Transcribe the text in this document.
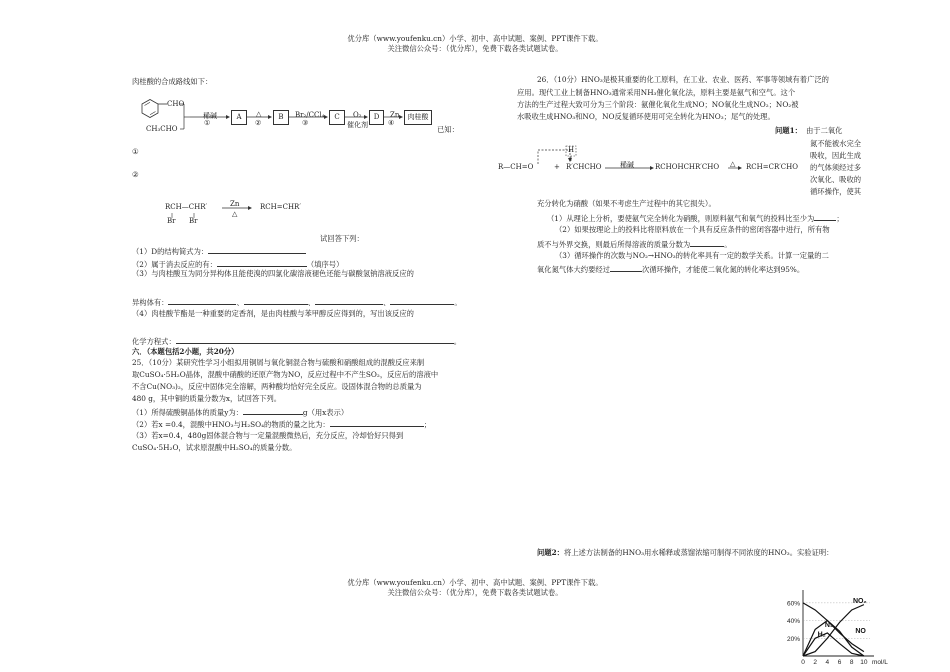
优分库（www.youfenku.cn）小学、初中、高中试题、案例、PPT课件下载。
关注微信公众号：（优分库），免费下载各类试题试卷。
优分库（www.youfenku.cn）小学、初中、高中试题、案例、PPT课件下载。
关注微信公众号：（优分库），免费下载各类试题试卷。
肉桂酸的合成路线如下：
CHO
CH₃CHO
稀碱
①
A	△
②
B	Br₂/CCl₄
③
C	O₂
催化剂
D	Zn
④
肉桂酸
已知：
①
②
RCH—CHR′
Br Br
Zn
△
RCH=CHR′
试回答下列：
（1）D的结构简式为：
（2）属于消去反应的有：	（填序号）
（3）与肉桂酸互为同分异构体且能使溴的四氯化碳溶液褪色还能与碳酸氢钠溶液反应的
异构体有：	、	、	、	。
（4）肉桂酸苄酯是一种重要的定香剂，是由肉桂酸与苯甲醇反应得到的，写出该反应的
化学方程式：	。
六．（本题包括2小题，共20分）
25．（10分）某研究性学习小组拟用铜屑与氧化铜混合物与硫酸和硝酸组成的混酸反应来制
取CuSO₄·5H₂O晶体，混酸中硝酸的还原产物为NO，反应过程中不产生SO₂，反应后的溶液中
不含Cu(NO₃)₂，反应中固体完全溶解，两种酸均恰好完全反应。设固体混合物的总质量为
480 g，其中铜的质量分数为x，试回答下列。
（1）所得硫酸铜晶体的质量y为：	g（用x表示）
（2）若x =0.4，混酸中HNO₃与H₂SO₄的物质的量之比为：	；
（3）若x=0.4，480g固体混合物与一定量混酸微热后，充分反应，冷却恰好只得到
CuSO₄·5H₂O，试求原混酸中H₂SO₄的质量分数。
26．（10分）HNO₃是极其重要的化工原料，在工业、农业、医药、军事等领域有着广泛的
应用。现代工业上制备HNO₃通常采用NH₃催化氧化法，原料主要是氨气和空气。这个
方法的生产过程大致可分为三个阶段：氨催化氧化生成NO；NO氧化生成NO₂；NO₂被
水吸收生成HNO₃和NO，NO反复循环使用可完全转化为HNO₃；尾气的处理。
问题1： 由于二氧化
氮不能被水完全
吸收，因此生成
的气体须经过多
次氧化、吸收的
循环操作，使其
R—CH=O	+
H
R′CHCHO	稀碱	RCHOHCHR′CHO △ RCH=CR′CHO
充分转化为硝酸（如果不考虑生产过程中的其它损失）。
（1）从理论上分析，要使氨气完全转化为硝酸，则原料氨气和氧气的投料比至少为	；
（2）如果按理论上的投料比将原料放在一个具有反应条件的密闭容器中进行，所有物
质不与外界交换，则最后所得溶液的质量分数为	。
（3）循环操作的次数与NO₂→HNO₃的转化率具有一定的数学关系。计算一定量的二
氧化氮气体大约要经过	次循环操作，才能使二氧化氮的转化率达到95%。
问题2：将上述方法制备的HNO₃用水稀释或蒸馏浓缩可制得不同浓度的HNO₃。实验证明：
20%
40%
60%
0 2 4 6 8 10 mol/L
NO₂
NO
N₂
H₂
